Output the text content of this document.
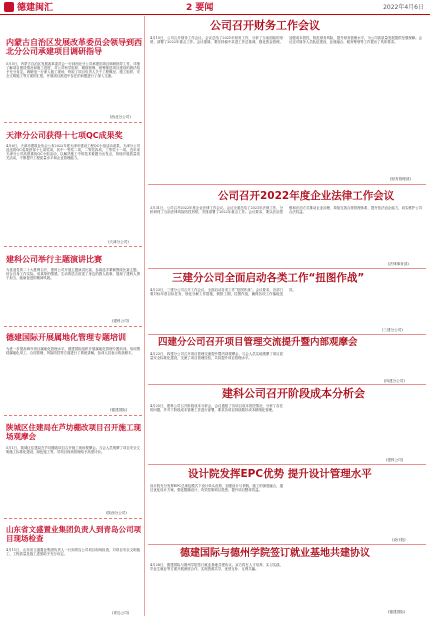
德建闽汇	2 要闻	2022年4月6日
内蒙古自治区发展改革委员会领导到西北分公司承建项目调研指导
5月5日，内蒙古自治区发展改革委员会一行到西北分公司承建的项目调研指导工作，详细了解项目建设情况和施工进度，对公司科学组织、精细管理、统筹推进项目建设的做法给予充分肯定。调研组一行深入施工现场，听取了项目负责人关于工程概况、施工组织、安全文明施工等方面的汇报，并就项目推进中存在的问题进行了深入交流。
(西北分公司)
天津分公司获得十七项QC成果奖
4月6日，天津市建筑业协会公布2022年度天津市建设工程QC小组活动成果，天津分公司选送的QC成果获得十七项奖项，其中一等奖二项、二等奖四项、三等奖十一项。近年来天津分公司高度重视QC小组活动，以解决施工中的技术难题为出发点，持续开展质量攻关活动，不断提升工程质量水平和企业管理能力。
(天津分公司)
建科公司举行主题演讲比赛
为喜迎党的二十大胜利召开，建科公司开展主题演讲比赛，参赛选手紧紧围绕比赛主题，结合自身工作实际，用真挚的情感、生动的语言讲述了身边的感人故事，展现了建科人勇于担当、砥砺奋进的精神风貌。
(建科公司)
德建国际开展属地化管理专题培训
为进一步提高海外项目属地化管理水平，德建国际组织开展属地化管理专题培训。培训围绕属地化用工、合同管理、风险防控等方面进行了系统讲解，参训人员表示收获颇丰。
(德建国际)
陕城区住建局在芦坊棚改项目召开施工现场观摩会
5月1日，陕城区住建局在芦坊棚改项目召开施工现场观摩会。与会人员观摩了项目安全文明施工标准化建设、绿色施工等，对项目现场管理给予高度评价。
(陕西分公司)
山东省文盛置业集团负责人到青岛公司项目现场检查
4月11日，山东省文盛置业集团负责人一行到青岛公司项目现场检查，对项目安全文明施工、工程质量及施工进度给予充分肯定。
(青岛公司)
公司召开财务工作会议
4月15日，公司召开财务工作会议。会议总结了2021年财务工作，分析了当前面临的形势，部署了2022年重点工作。会议强调，要坚持稳中求进工作总基调，强化资金管理，加强成本管控，防范财务风险，提升财务管理水平，为公司高质量发展提供坚强保障。会议还对财务人员队伍建设、业财融合、税务筹划等工作提出了具体要求。
(财务管理部)
公司召开2022年度企业法律工作会议
3月31日，公司召开2022年度企业法律工作会议。会议全面总结了2021年法律工作，分析研判了当前法律风险防控形势，安排部署了2022年重点工作。会议要求，要以法治思维和法治方式推动企业治理，持续完善合规管理体系，提升依法治企能力，切实维护公司合法权益。
(法律事务部)
三建分公司全面启动各类工作“扭图作战”
4月23日，三建分公司召开工作会议，全面启动各类工作“扭图作战”。会议要求，各部门要对标年度目标任务，细化分解工作措施，倒排工期，挂图作战，确保各项工作落地见效。
(三建分公司)
四建分公司召开项目管理交流提升暨内部观摩会
4月23日，四建分公司召开项目管理交流提升暨内部观摩会，与会人员实地观摩了项目质量安全标准化建设，交流了项目管理经验，共同提升项目管理水平。
(四建分公司)
建科公司召开阶段成本分析会
4月25日，建科公司召开阶段成本分析会，会议通报了各项目成本管控情况，分析了存在的问题，并对下阶段成本管理工作进行部署，要求各项目持续做好成本精细化管理。
(建科公司)
设计院发挥EPC优势 提升设计管理水平
设计院充分发挥EPC总承包模式下设计牵头优势，加强设计与采购、施工的深度融合，通过优化设计方案、强化限额设计，有效控制项目投资，提升项目整体效益。
(设计院)
德建国际与德州学院签订就业基地共建协议
4月28日，德建国际与德州学院签订就业基地共建协议。双方将在人才培养、实习实践、毕业生就业等方面开展深度合作，实现资源共享、优势互补、互利共赢。
(德建国际)
